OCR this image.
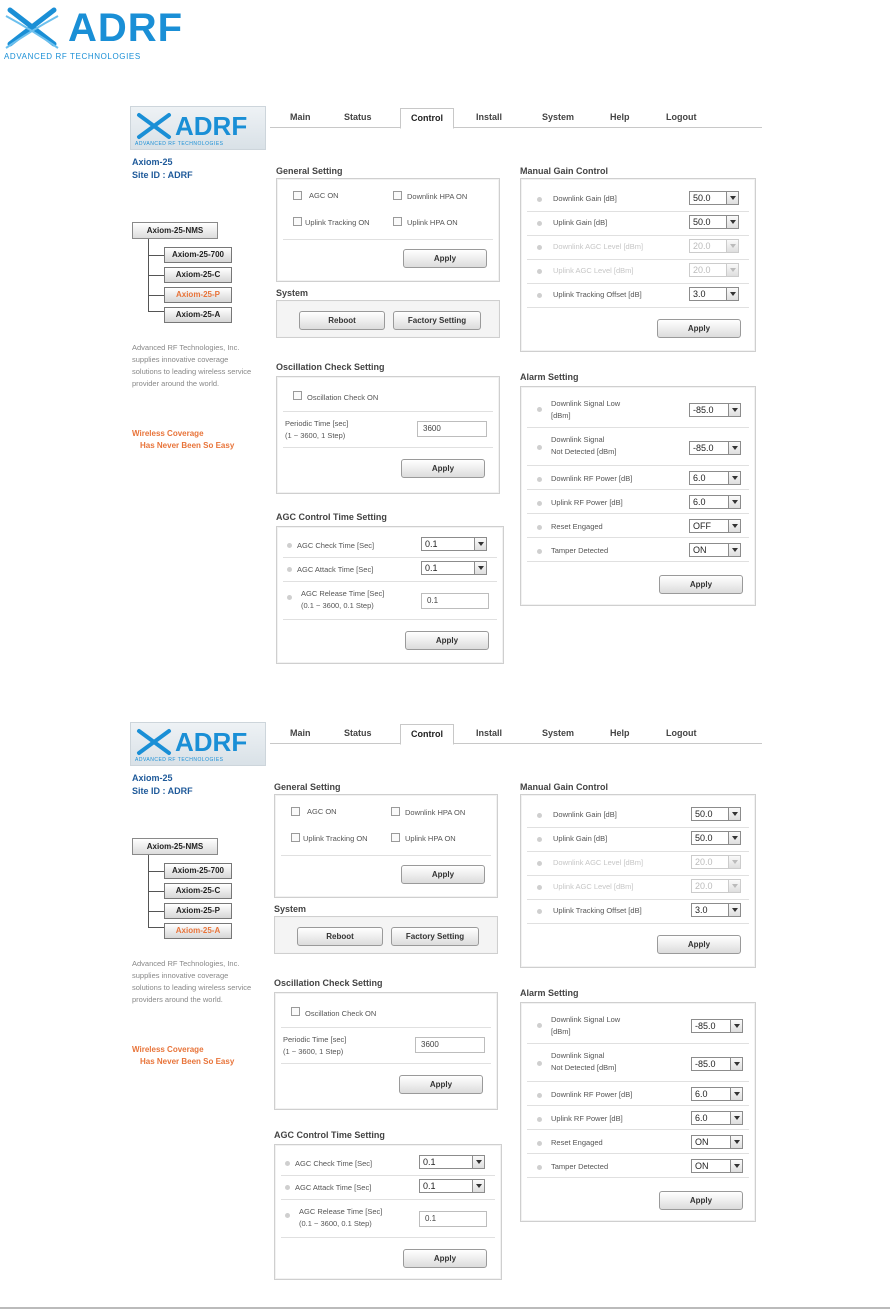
ADRF
ADVANCED RF TECHNOLOGIES
ADRF
ADVANCED RF TECHNOLOGIES
Axiom-25
Site ID : ADRF
Axiom-25-NMS
Axiom-25-700
Axiom-25-C
Axiom-25-P
Axiom-25-A
Advanced RF Technologies, Inc. supplies innovative coverage solutions to leading wireless service provider around the world.
Wireless Coverage
Has Never Been So Easy
Main	Status	Control	Install	System	Help	Logout
General Setting
AGC ON	Downlink HPA ON
Uplink Tracking ON	Uplink HPA ON
Apply
System
Reboot	Factory Setting
Oscillation Check Setting
Oscillation Check ON
Periodic Time [sec]
(1 ~ 3600, 1 Step)
3600
Apply
AGC Control Time Setting
AGC Check Time [Sec]	0.1
AGC Attack Time [Sec]	0.1
AGC Release Time [Sec]
(0.1 ~ 3600, 0.1 Step)
0.1
Apply
Manual Gain Control
Downlink Gain [dB]	50.0
Uplink Gain [dB]	50.0
Downlink AGC Level [dBm]	20.0
Uplink AGC Level [dBm]	20.0
Uplink Tracking Offset [dB]	3.0
Apply
Alarm Setting
Downlink Signal Low
[dBm]
-85.0
Downlink Signal
Not Detected [dBm]	-85.0
Downlink RF Power [dB]	6.0
Uplink RF Power [dB]	6.0
Reset Engaged	OFF
Tamper Detected	ON
Apply
ADRF
ADVANCED RF TECHNOLOGIES
Axiom-25
Site ID : ADRF
Axiom-25-NMS
Axiom-25-700
Axiom-25-C
Axiom-25-P
Axiom-25-A
Advanced RF Technologies, Inc. supplies innovative coverage solutions to leading wireless service providers around the world.
Wireless Coverage
Has Never Been So Easy
Main	Status	Control	Install	System	Help	Logout
General Setting
AGC ON	Downlink HPA ON
Uplink Tracking ON	Uplink HPA ON
Apply
System
Reboot	Factory Setting
Oscillation Check Setting
Oscillation Check ON
Periodic Time [sec]
(1 ~ 3600, 1 Step)
3600
Apply
AGC Control Time Setting
AGC Check Time [Sec]	0.1
AGC Attack Time [Sec]	0.1
AGC Release Time [Sec]
(0.1 ~ 3600, 0.1 Step)
0.1
Apply
Manual Gain Control
Downlink Gain [dB]	50.0
Uplink Gain [dB]	50.0
Downlink AGC Level [dBm]	20.0
Uplink AGC Level [dBm]	20.0
Uplink Tracking Offset [dB]	3.0
Apply
Alarm Setting
Downlink Signal Low
[dBm]
-85.0
Downlink Signal
Not Detected [dBm]	-85.0
Downlink RF Power [dB]	6.0
Uplink RF Power [dB]	6.0
Reset Engaged	ON
Tamper Detected	ON
Apply
